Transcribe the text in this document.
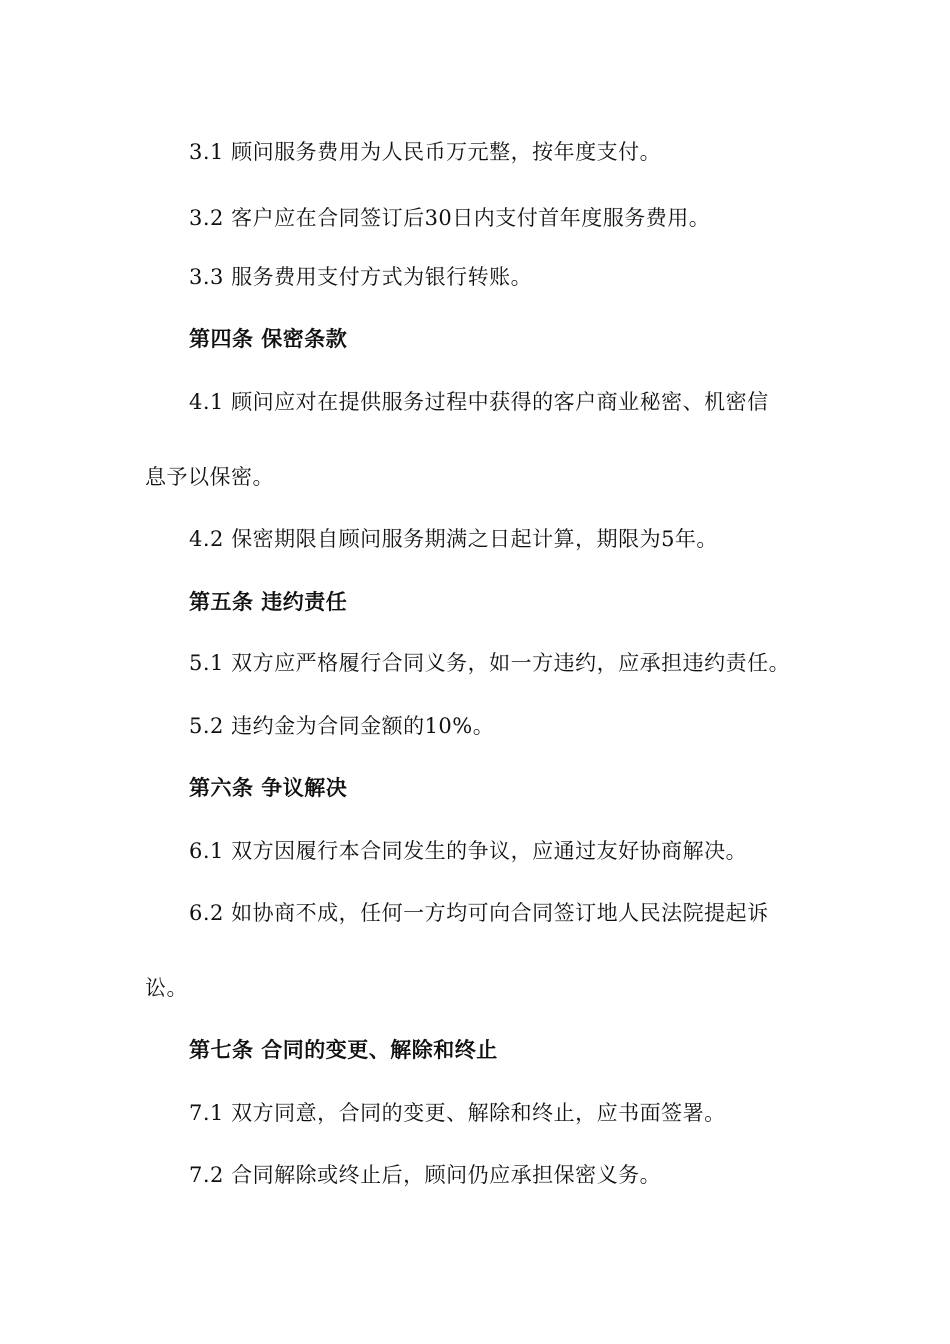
3.1 顾问服务费用为人民币万元整，按年度支付。
3.2 客户应在合同签订后30日内支付首年度服务费用。
3.3 服务费用支付方式为银行转账。
第四条 保密条款
4.1 顾问应对在提供服务过程中获得的客户商业秘密、机密信
息予以保密。
4.2 保密期限自顾问服务期满之日起计算，期限为5年。
第五条 违约责任
5.1 双方应严格履行合同义务，如一方违约，应承担违约责任。
5.2 违约金为合同金额的10%。
第六条 争议解决
6.1 双方因履行本合同发生的争议，应通过友好协商解决。
6.2 如协商不成，任何一方均可向合同签订地人民法院提起诉
讼。
第七条 合同的变更、解除和终止
7.1 双方同意，合同的变更、解除和终止，应书面签署。
7.2 合同解除或终止后，顾问仍应承担保密义务。
